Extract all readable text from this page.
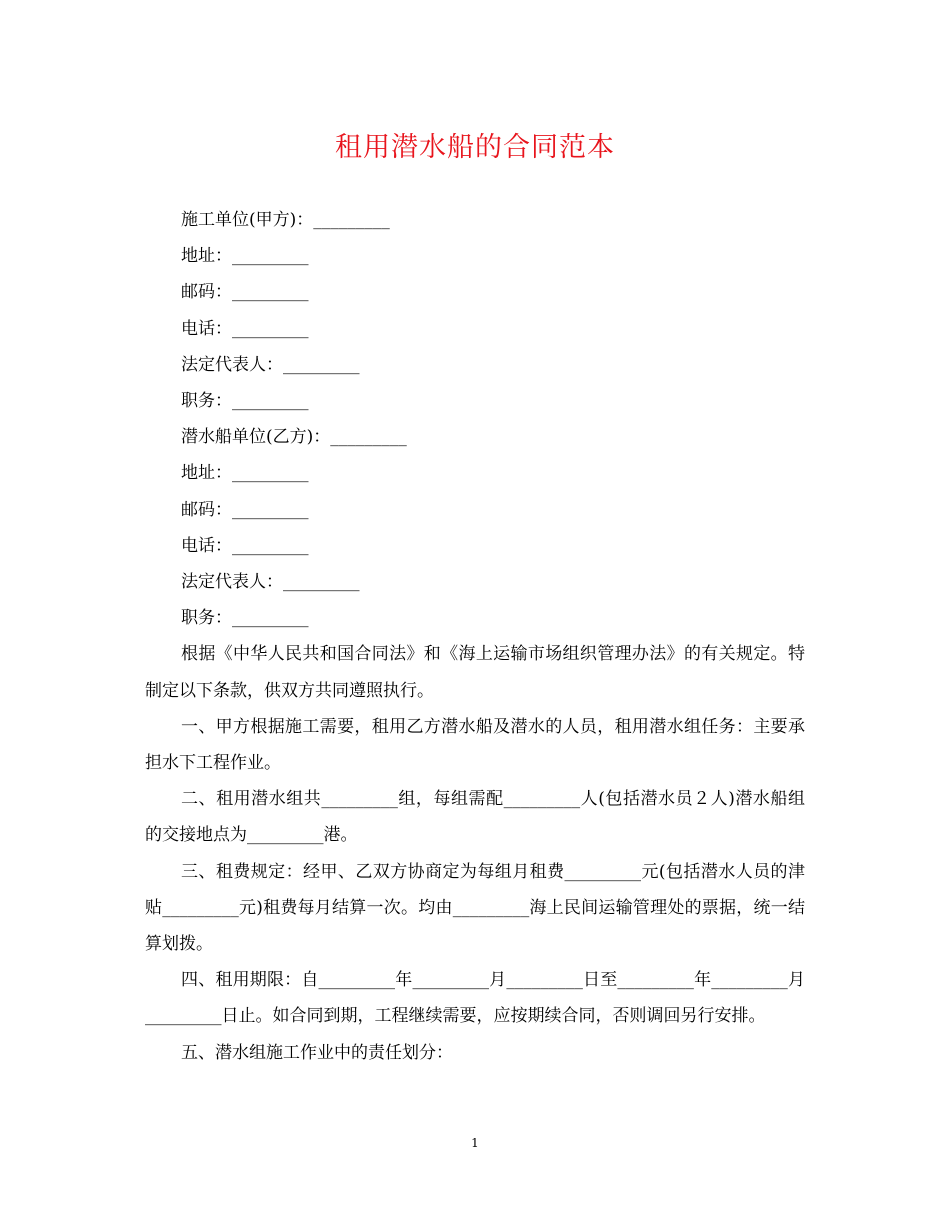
租用潜水船的合同范本

施工单位(甲方)：_________

地址：_________

邮码：_________

电话：_________

法定代表人：_________

职务：_________

潜水船单位(乙方)：_________

地址：_________

邮码：_________

电话：_________

法定代表人：_________

职务：_________

根据《中华人民共和国合同法》和《海上运输市场组织管理办法》的有关规定。特制定以下条款，供双方共同遵照执行。

一、甲方根据施工需要，租用乙方潜水船及潜水的人员，租用潜水组任务：主要承担水下工程作业。

二、租用潜水组共_________组，每组需配_________人(包括潜水员２人)潜水船组的交接地点为_________港。

三、租费规定：经甲、乙双方协商定为每组月租费_________元(包括潜水人员的津贴_________元)租费每月结算一次。均由_________海上民间运输管理处的票据，统一结算划拨。

四、租用期限：自_________年_________月_________日至_________年_________月_________日止。如合同到期，工程继续需要，应按期续合同，否则调回另行安排。

五、潜水组施工作业中的责任划分：

1
